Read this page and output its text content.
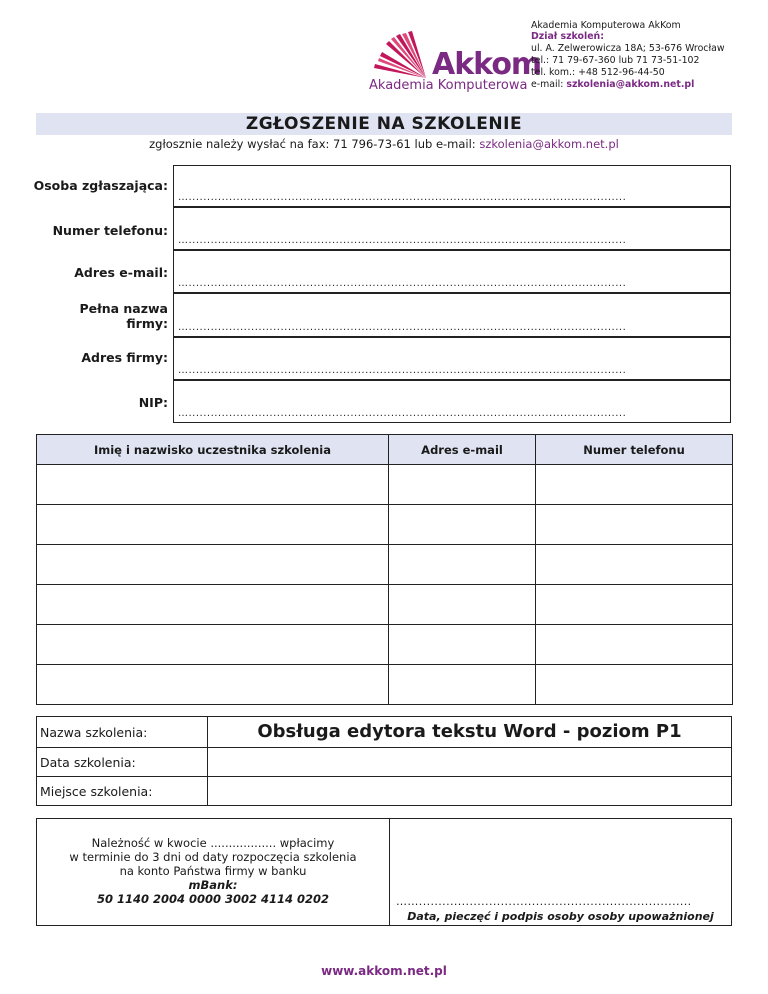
Akkom
Akademia Komputerowa
Akademia Komputerowa AkKom
Dział szkoleń:
ul. A. Zelwerowicza 18A; 53-676 Wrocław
tel.: 71 79-67-360 lub 71 73-51-102
tel. kom.: +48 512-96-44-50
e-mail: szkolenia@akkom.net.pl
ZGŁOSZENIE NA SZKOLENIE
zgłosznie należy wysłać na fax: 71 796-73-61 lub e-mail: szkolenia@akkom.net.pl
Osoba zgłaszająca:
….......................................................................................................................
Numer telefonu:
….......................................................................................................................
Adres e-mail:
….......................................................................................................................
Pełna nazwa
firmy: ….......................................................................................................................
Adres firmy:
….......................................................................................................................
NIP:
….......................................................................................................................
Imię i nazwisko uczestnika szkolenia	Adres e-mail	Numer telefonu

Nazwa szkolenia:	Obsługa edytora tekstu Word - poziom P1
Data szkolenia:
Miejsce szkolenia:
Należność w kwocie .................. wpłacimy
w terminie do 3 dni od daty rozpoczęcia szkolenia
na konto Państwa firmy w banku
mBank:
50 1140 2004 0000 3002 4114 0202	……......................................................................
Data, pieczęć i podpis osoby osoby upoważnionej
www.akkom.net.pl
